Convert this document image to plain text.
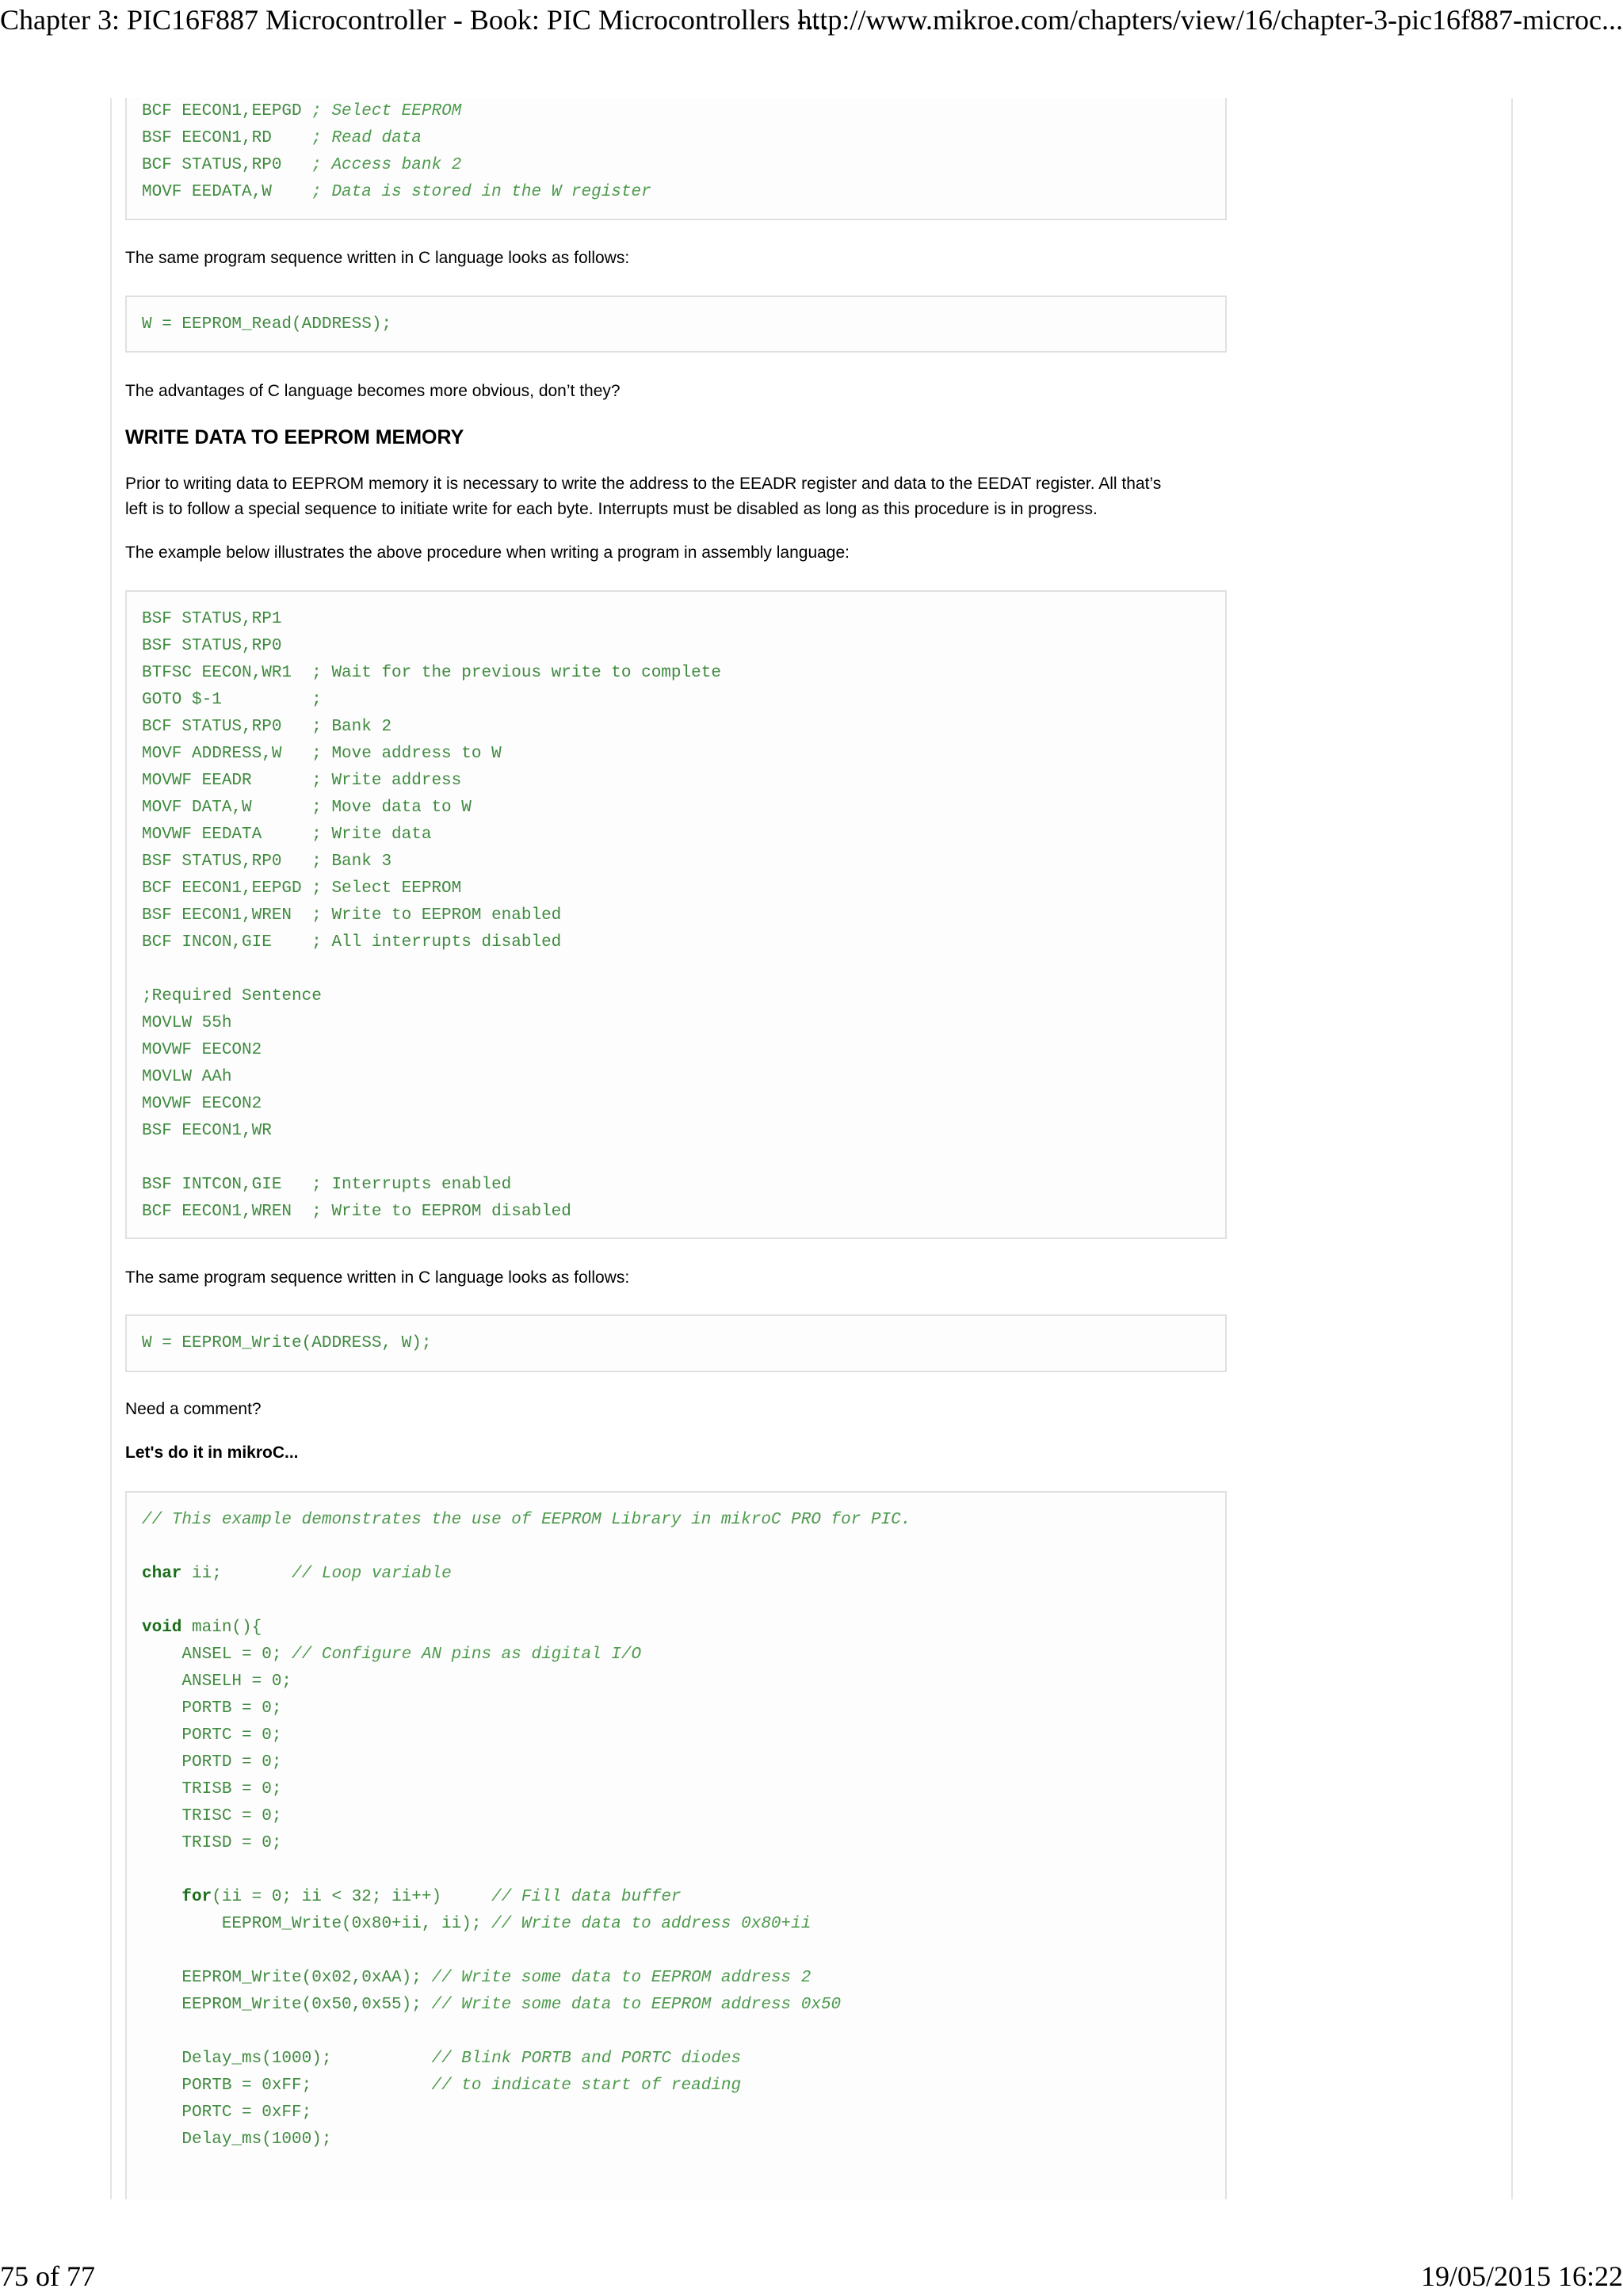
Chapter 3: PIC16F887 Microcontroller - Book: PIC Microcontrollers -...
http://www.mikroe.com/chapters/view/16/chapter-3-pic16f887-microc...
BCF EECON1,EEPGD ; Select EEPROM
BSF EECON1,RD    ; Read data
BCF STATUS,RP0   ; Access bank 2
MOVF EEDATA,W    ; Data is stored in the W register
The same program sequence written in C language looks as follows:
W = EEPROM_Read(ADDRESS);
The advantages of C language becomes more obvious, don’t they?
WRITE DATA TO EEPROM MEMORY
Prior to writing data to EEPROM memory it is necessary to write the address to the EEADR register and data to the EEDAT register. All that’s left is to follow a special sequence to initiate write for each byte. Interrupts must be disabled as long as this procedure is in progress.
The example below illustrates the above procedure when writing a program in assembly language:
BSF STATUS,RP1
BSF STATUS,RP0
BTFSC EECON,WR1  ; Wait for the previous write to complete
GOTO $-1         ;
BCF STATUS,RP0   ; Bank 2
MOVF ADDRESS,W   ; Move address to W
MOVWF EEADR      ; Write address
MOVF DATA,W      ; Move data to W
MOVWF EEDATA     ; Write data
BSF STATUS,RP0   ; Bank 3
BCF EECON1,EEPGD ; Select EEPROM
BSF EECON1,WREN  ; Write to EEPROM enabled
BCF INCON,GIE    ; All interrupts disabled
;Required Sentence
MOVLW 55h
MOVWF EECON2
MOVLW AAh
MOVWF EECON2
BSF EECON1,WR
BSF INTCON,GIE   ; Interrupts enabled
BCF EECON1,WREN  ; Write to EEPROM disabled
The same program sequence written in C language looks as follows:
W = EEPROM_Write(ADDRESS, W);
Need a comment?
Let's do it in mikroC...
// This example demonstrates the use of EEPROM Library in mikroC PRO for PIC.
char ii;       // Loop variable
void main(){
ANSEL = 0; // Configure AN pins as digital I/O
ANSELH = 0;
PORTB = 0;
PORTC = 0;
PORTD = 0;
TRISB = 0;
TRISC = 0;
TRISD = 0;
for(ii = 0; ii < 32; ii++)     // Fill data buffer
EEPROM_Write(0x80+ii, ii); // Write data to address 0x80+ii
EEPROM_Write(0x02,0xAA); // Write some data to EEPROM address 2
EEPROM_Write(0x50,0x55); // Write some data to EEPROM address 0x50
Delay_ms(1000);          // Blink PORTB and PORTC diodes
PORTB = 0xFF;            // to indicate start of reading
PORTC = 0xFF;
Delay_ms(1000);
75 of 77	19/05/2015 16:22
